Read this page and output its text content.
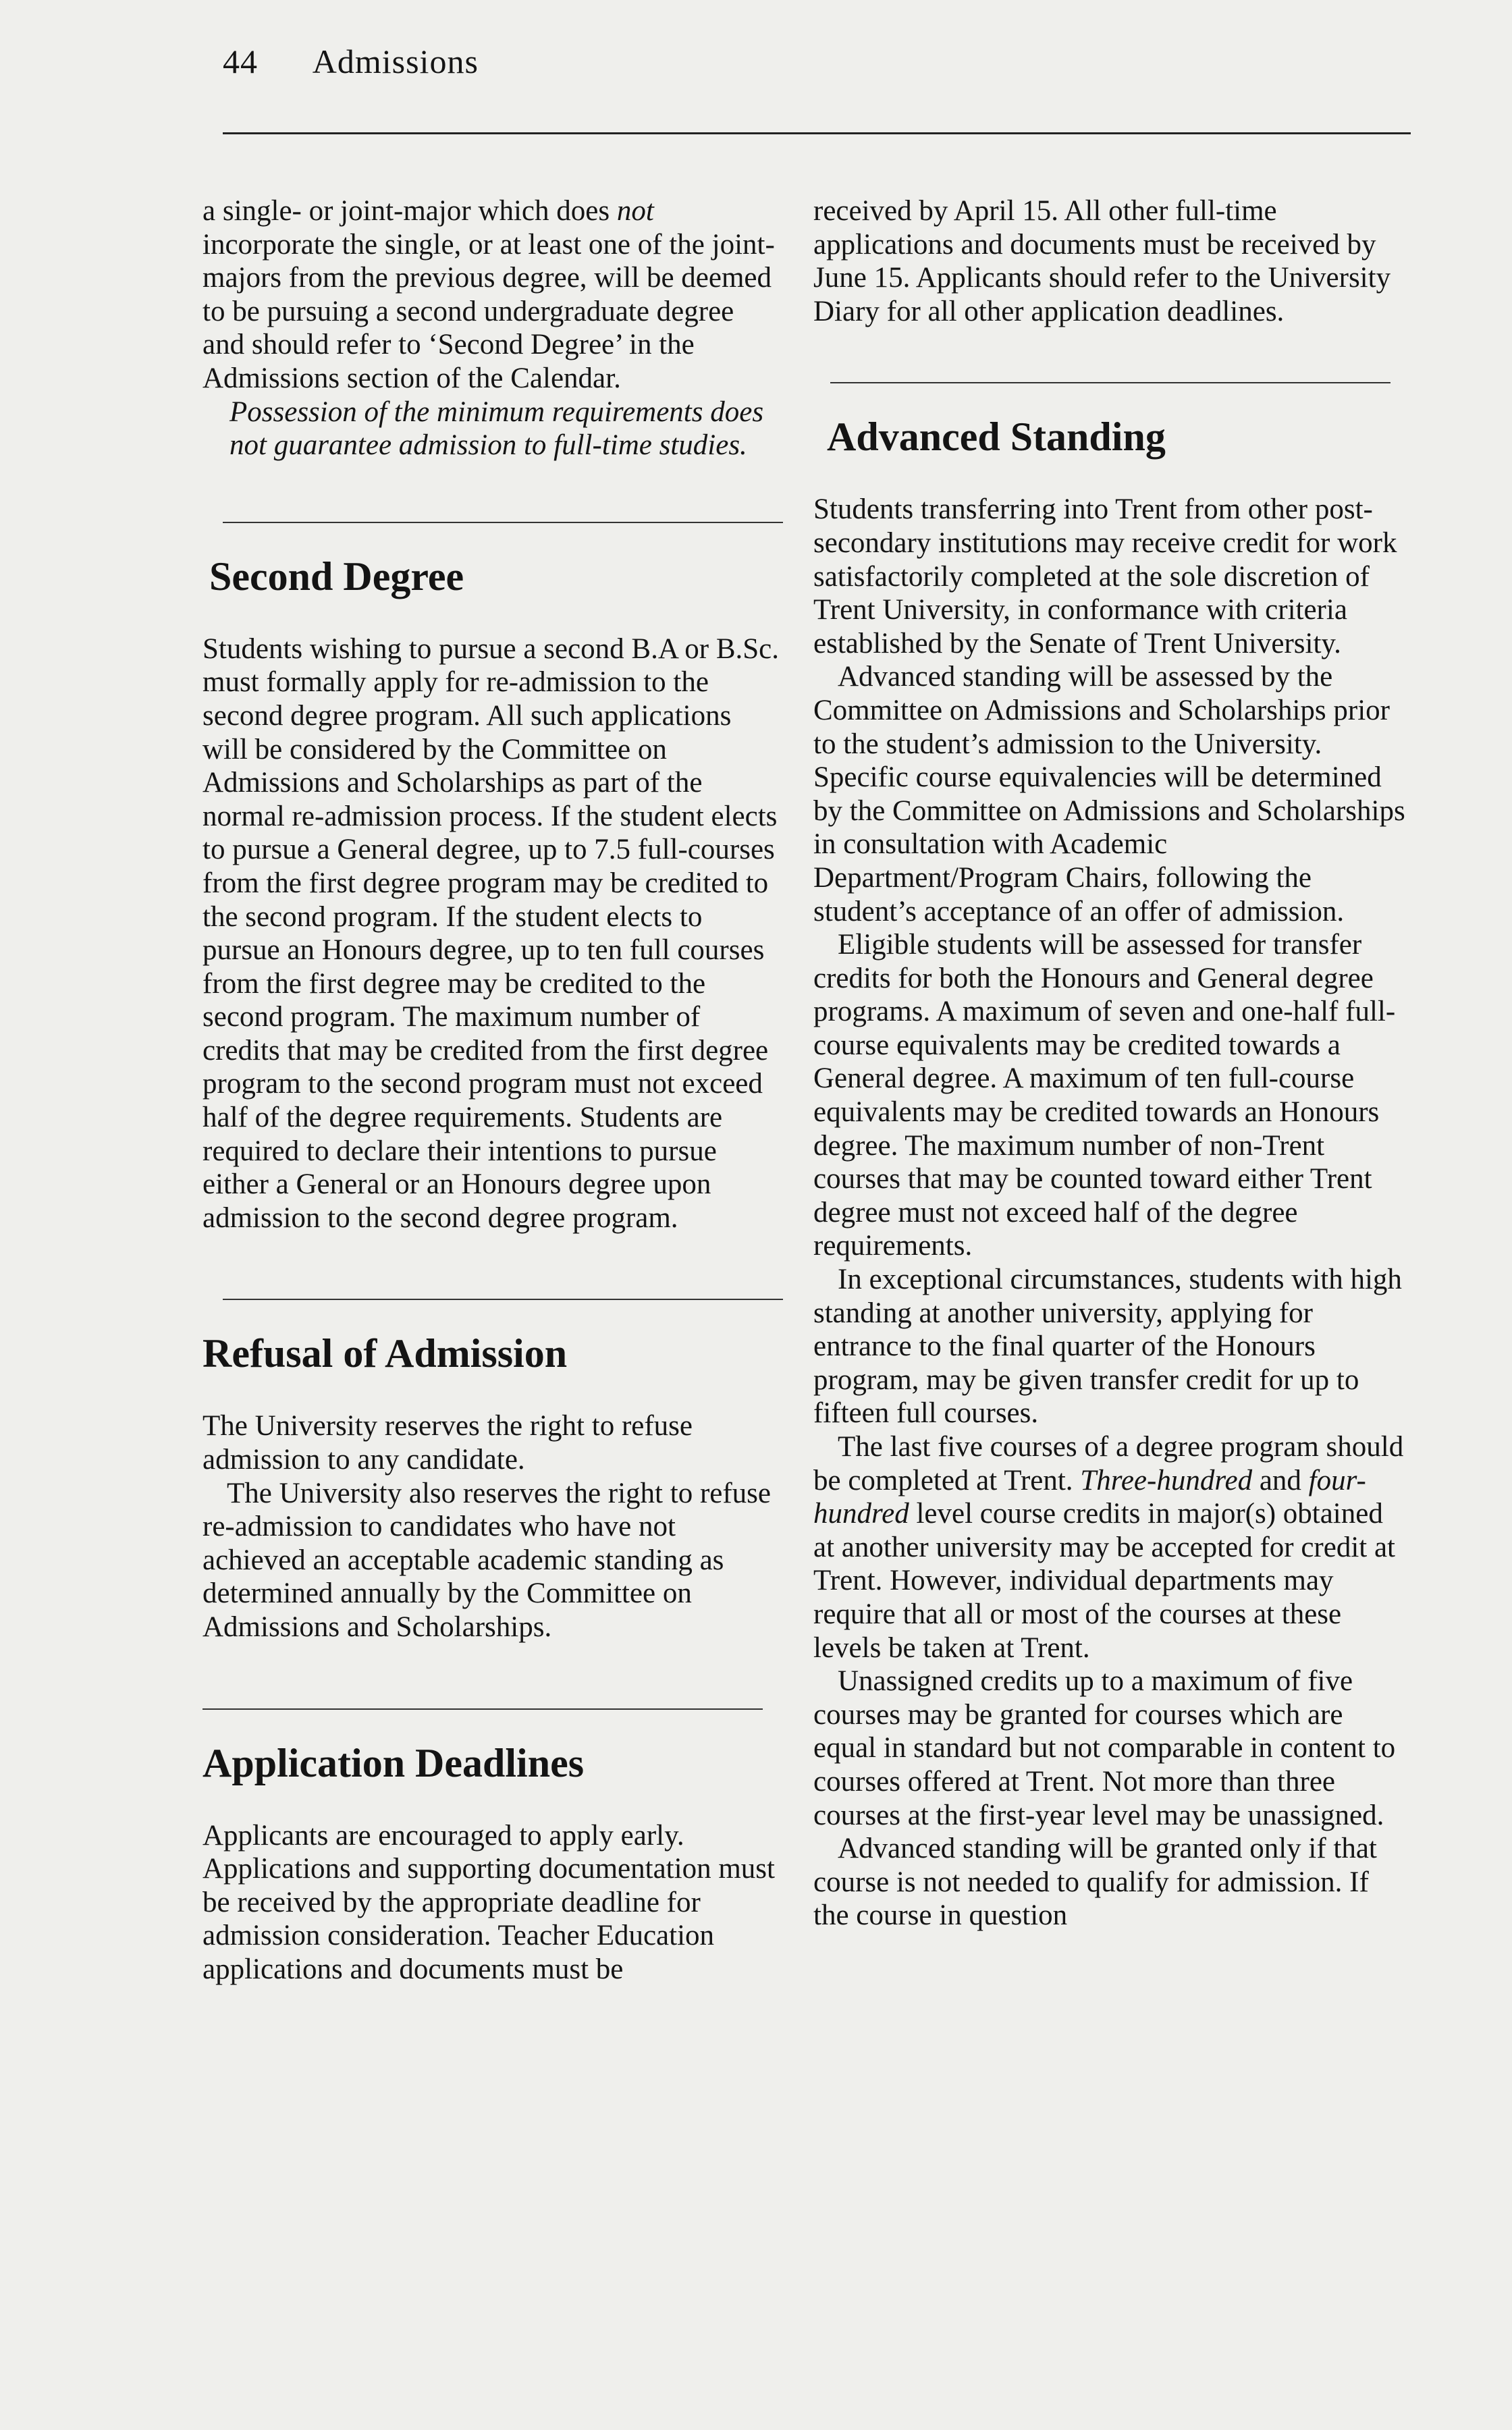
44 Admissions

a single- or joint-major which does not incorporate the single, or at least one of the joint-majors from the previous degree, will be deemed to be pursuing a second undergraduate degree and should refer to ‘Second Degree’ in the Admissions section of the Calendar.

Possession of the minimum requirements does not guarantee admission to full-time studies.

Second Degree

Students wishing to pursue a second B.A or B.Sc. must formally apply for re-admission to the second degree program. All such applications will be considered by the Committee on Admissions and Scholarships as part of the normal re-admission process. If the student elects to pursue a General degree, up to 7.5 full-courses from the first degree program may be credited to the second program. If the student elects to pursue an Honours degree, up to ten full courses from the first degree may be credited to the second program. The maximum number of credits that may be credited from the first degree program to the second program must not exceed half of the degree requirements. Students are required to declare their intentions to pursue either a General or an Honours degree upon admission to the second degree program.

Refusal of Admission

The University reserves the right to refuse admission to any candidate.

The University also reserves the right to refuse re-admission to candidates who have not achieved an acceptable academic standing as determined annually by the Committee on Admissions and Scholarships.

Application Deadlines

Applicants are encouraged to apply early. Applications and supporting documentation must be received by the appropriate deadline for admission consideration. Teacher Education applications and documents must be

received by April 15. All other full-time applications and documents must be received by June 15. Applicants should refer to the University Diary for all other application deadlines.

Advanced Standing

Students transferring into Trent from other post-secondary institutions may receive credit for work satisfactorily completed at the sole discretion of Trent University, in conformance with criteria established by the Senate of Trent University.

Advanced standing will be assessed by the Committee on Admissions and Scholarships prior to the student’s admission to the University. Specific course equivalencies will be determined by the Committee on Admissions and Scholarships in consultation with Academic Department/Program Chairs, following the student’s acceptance of an offer of admission.

Eligible students will be assessed for transfer credits for both the Honours and General degree programs. A maximum of seven and one-half full-course equivalents may be credited towards a General degree. A maximum of ten full-course equivalents may be credited towards an Honours degree. The maximum number of non-Trent courses that may be counted toward either Trent degree must not exceed half of the degree requirements.

In exceptional circumstances, students with high standing at another university, applying for entrance to the final quarter of the Honours program, may be given transfer credit for up to fifteen full courses.

The last five courses of a degree program should be completed at Trent. Three-hundred and four-hundred level course credits in major(s) obtained at another university may be accepted for credit at Trent. However, individual departments may require that all or most of the courses at these levels be taken at Trent.

Unassigned credits up to a maximum of five courses may be granted for courses which are equal in standard but not comparable in content to courses offered at Trent. Not more than three courses at the first-year level may be unassigned.

Advanced standing will be granted only if that course is not needed to qualify for admission. If the course in question
